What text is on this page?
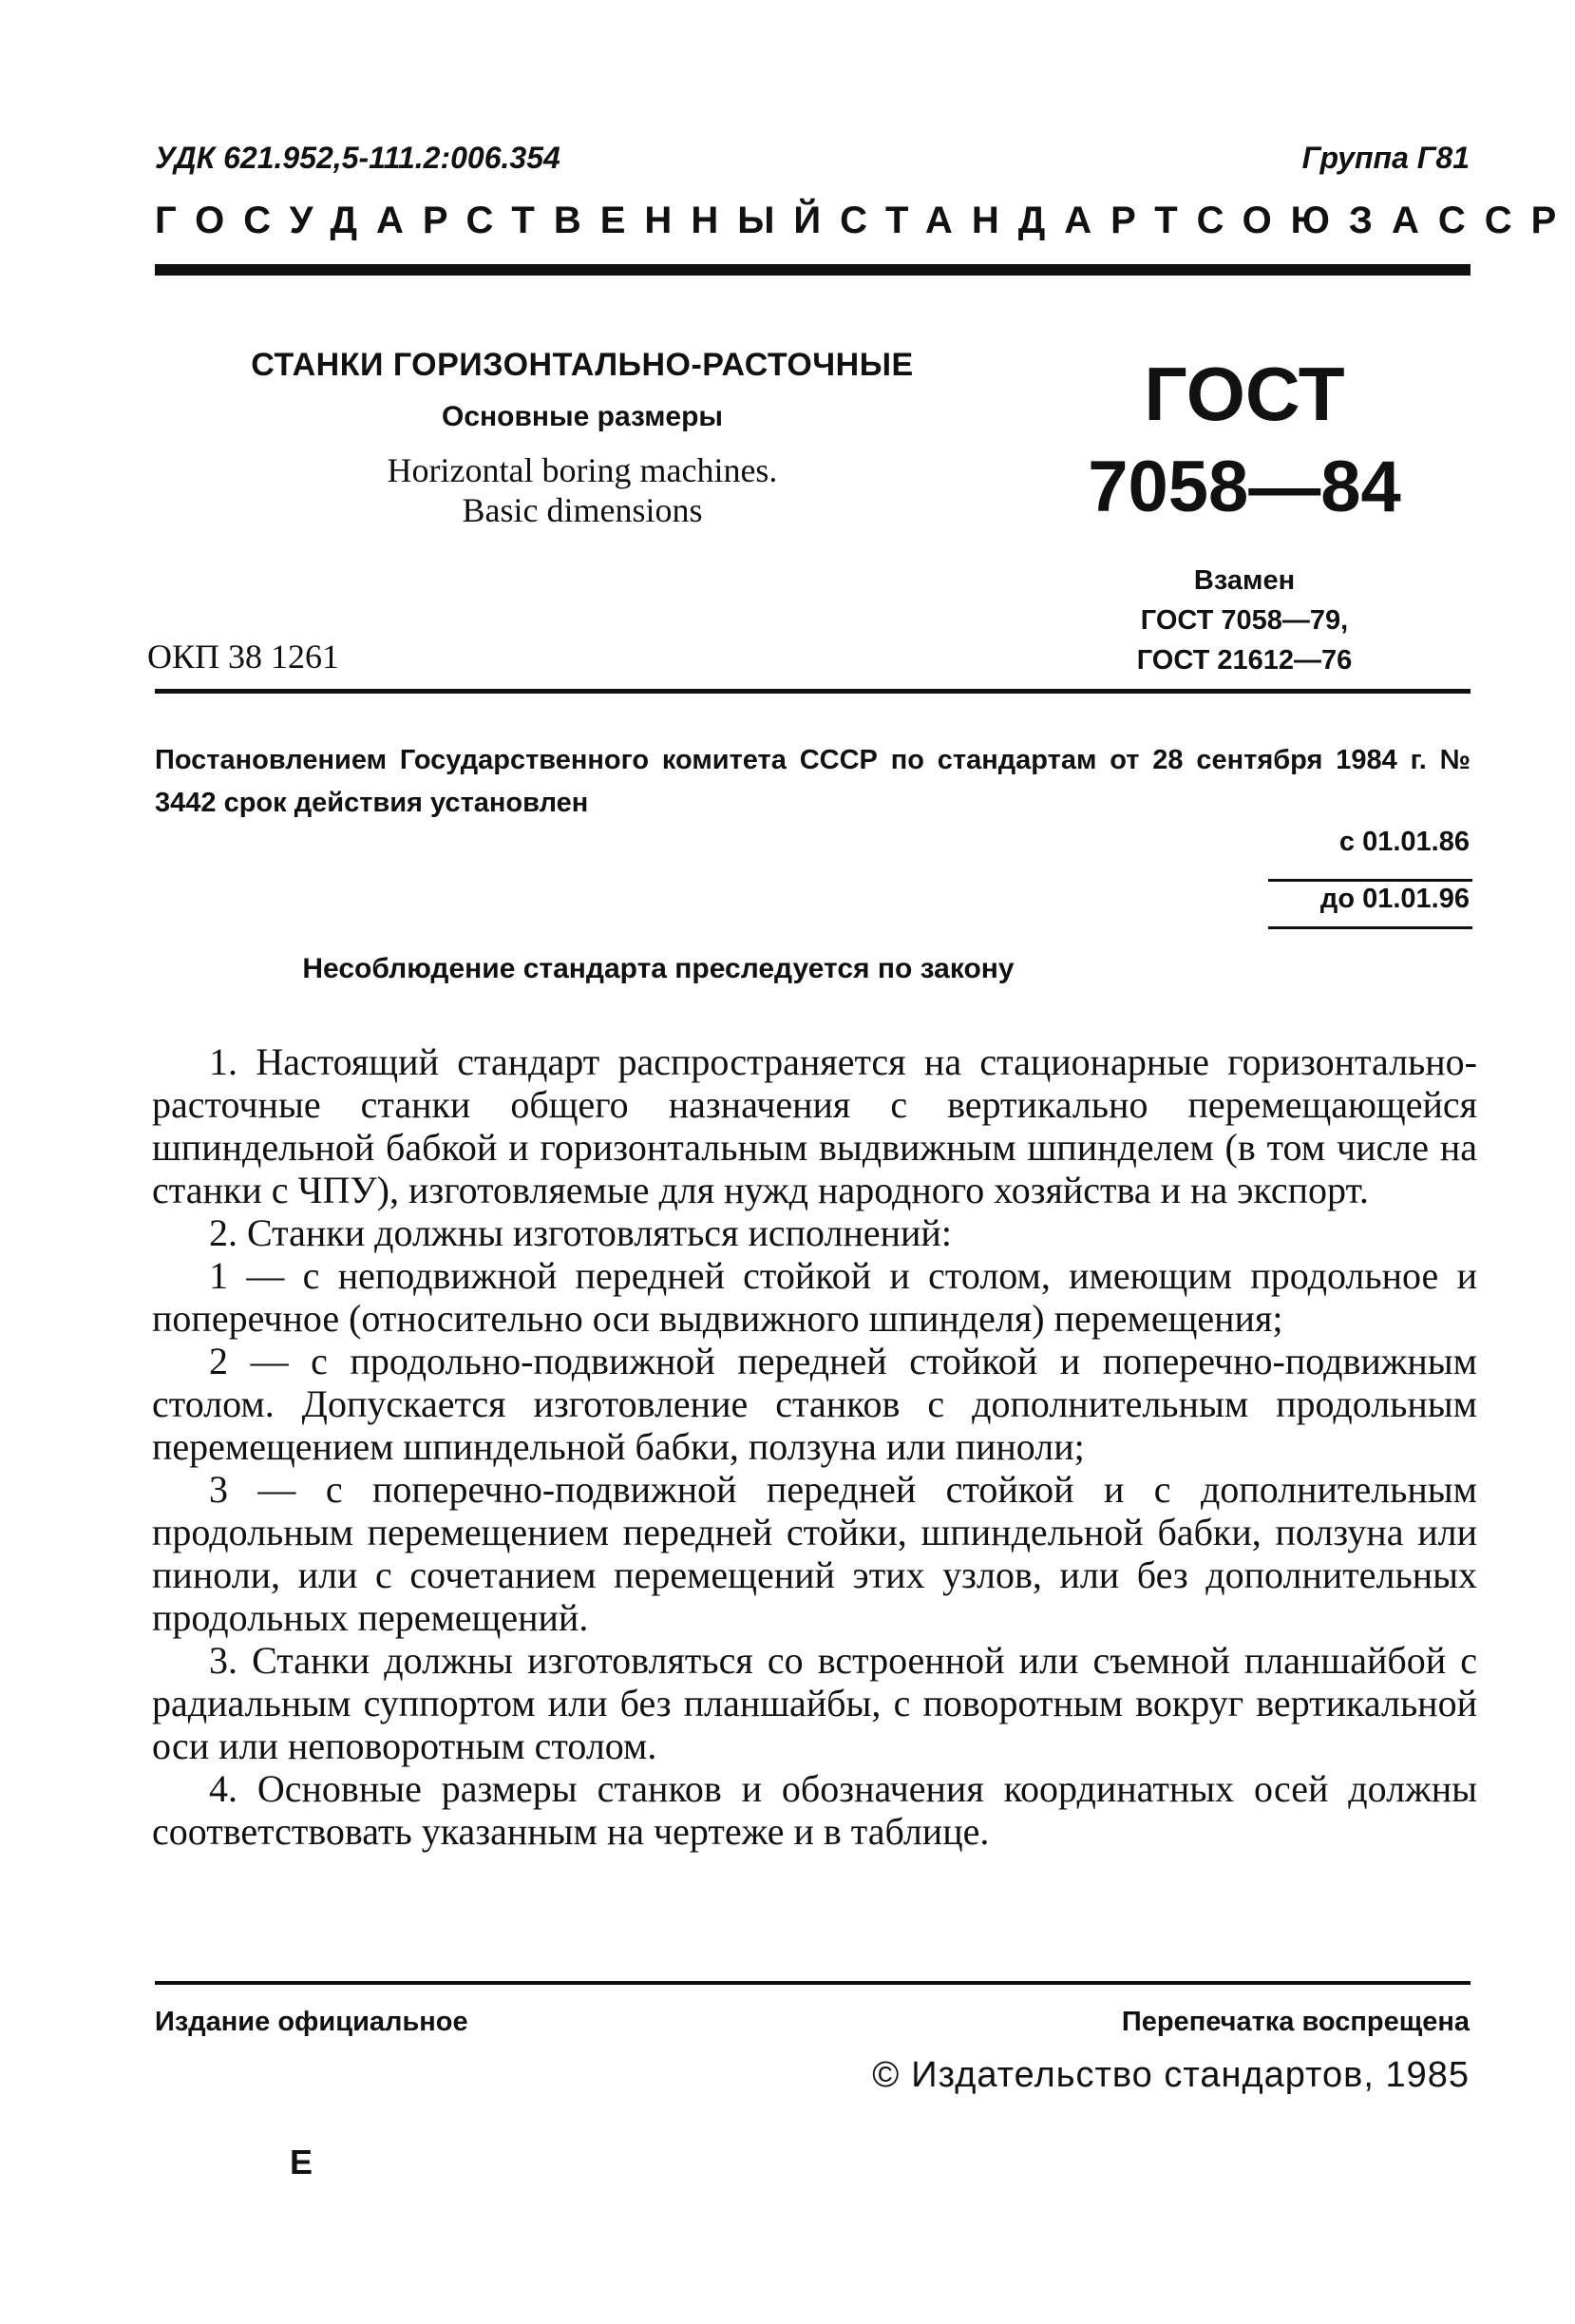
УДК 621.952,5-111.2:006.354	Группа Г81
ГОСУДАРСТВЕННЫЙ СТАНДАРТ СОЮЗА ССР
СТАНКИ ГОРИЗОНТАЛЬНО-РАСТОЧНЫЕ
Основные размеры
Horizontal boring machines.
Basic dimensions
ГОСТ
7058—84
ОКП 38 1261
Взамен
ГОСТ 7058—79,
ГОСТ 21612—76
Постановлением Государственного комитета СССР по стандартам от 28 сентября 1984 г. № 3442 срок действия установлен
с 01.01.86
до 01.01.96
Несоблюдение стандарта преследуется по закону

1. Настоящий стандарт распространяется на стационарные горизонтально-расточные станки общего назначения с вертикально перемещающейся шпиндельной бабкой и горизонтальным выдвижным шпинделем (в том числе на станки с ЧПУ), изготовляемые для нужд народного хозяйства и на экспорт.

2. Станки должны изготовляться исполнений:

1 — с неподвижной передней стойкой и столом, имеющим продольное и поперечное (относительно оси выдвижного шпинделя) перемещения;

2 — с продольно-подвижной передней стойкой и поперечно-подвижным столом. Допускается изготовление станков с дополнительным продольным перемещением шпиндельной бабки, ползуна или пиноли;

3 — с поперечно-подвижной передней стойкой и с дополнительным продольным перемещением передней стойки, шпиндельной бабки, ползуна или пиноли, или с сочетанием перемещений этих узлов, или без дополнительных продольных перемещений.

3. Станки должны изготовляться со встроенной или съемной планшайбой с радиальным суппортом или без планшайбы, с поворотным вокруг вертикальной оси или неповоротным столом.

4. Основные размеры станков и обозначения координатных осей должны соответствовать указанным на чертеже и в таблице.

Издание официальное	Перепечатка воспрещена
© Издательство стандартов, 1985
Е
